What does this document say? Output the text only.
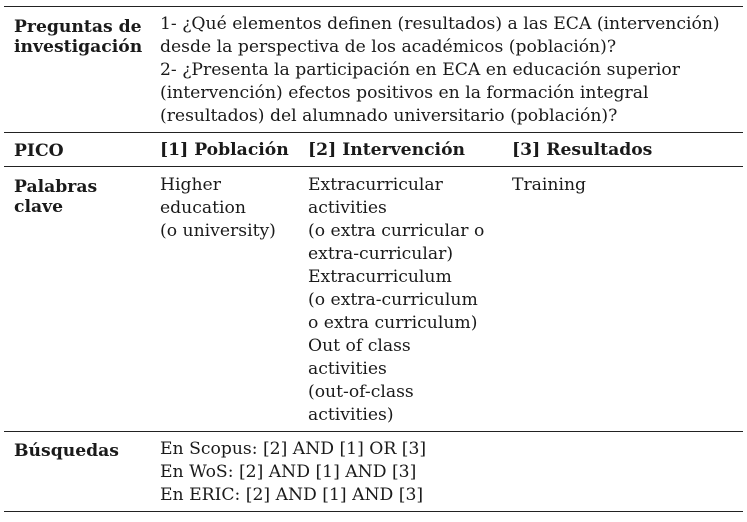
Preguntas de
investigación
1- ¿Qué elementos definen (resultados) a las ECA (intervención)
desde la perspectiva de los académicos (población)?
2- ¿Presenta la participación en ECA en educación superior
(intervención) efectos positivos en la formación integral
(resultados) del alumnado universitario (población)?
PICO	[1] Población [2] Intervención	[3] Resultados
Palabras
clave
Higher
education
(o university)
Extracurricular
activities
(o extra curricular o
extra-curricular)
Extracurriculum
(o extra-curriculum
o extra curriculum)
Out of class
activities
(out-of-class
activities)
Training
Búsquedas En Scopus: [2] AND [1] OR [3]
En WoS: [2] AND [1] AND [3]
En ERIC: [2] AND [1] AND [3]
